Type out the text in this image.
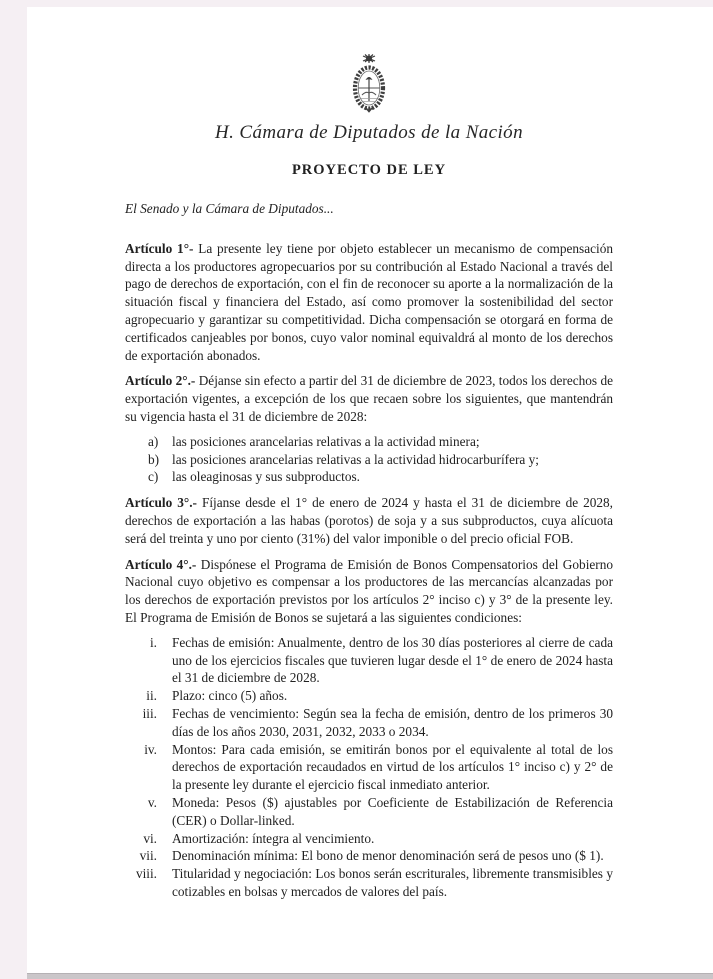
H. Cámara de Diputados de la Nación
PROYECTO DE LEY

El Senado y la Cámara de Diputados...

Artículo 1°- La presente ley tiene por objeto establecer un mecanismo de compensación directa a los productores agropecuarios por su contribución al Estado Nacional a través del pago de derechos de exportación, con el fin de reconocer su aporte a la normalización de la situación fiscal y financiera del Estado, así como promover la sostenibilidad del sector agropecuario y garantizar su competitividad. Dicha compensación se otorgará en forma de certificados canjeables por bonos, cuyo valor nominal equivaldrá al monto de los derechos de exportación abonados.

Artículo 2°.- Déjanse sin efecto a partir del 31 de diciembre de 2023, todos los derechos de exportación vigentes, a excepción de los que recaen sobre los siguientes, que mantendrán su vigencia hasta el 31 de diciembre de 2028:

a)	las posiciones arancelarias relativas a la actividad minera;
b) las posiciones arancelarias relativas a la actividad hidrocarburífera y;
c)	las oleaginosas y sus subproductos.

Artículo 3°.- Fíjanse desde el 1° de enero de 2024 y hasta el 31 de diciembre de 2028, derechos de exportación a las habas (porotos) de soja y a sus subproductos, cuya alícuota será del treinta y uno por ciento (31%) del valor imponible o del precio oficial FOB.

Artículo 4°.- Dispónese el Programa de Emisión de Bonos Compensatorios del Gobierno Nacional cuyo objetivo es compensar a los productores de las mercancías alcanzadas por los derechos de exportación previstos por los artículos 2° inciso c) y 3° de la presente ley. El Programa de Emisión de Bonos se sujetará a las siguientes condiciones:

i.	Fechas de emisión: Anualmente, dentro de los 30 días posteriores al cierre de cada uno de los ejercicios fiscales que tuvieren lugar desde el 1° de enero de 2024 hasta el 31 de diciembre de 2028.
ii.	Plazo: cinco (5) años.
iii.	Fechas de vencimiento: Según sea la fecha de emisión, dentro de los primeros 30 días de los años 2030, 2031, 2032, 2033 o 2034.
iv.	Montos: Para cada emisión, se emitirán bonos por el equivalente al total de los derechos de exportación recaudados en virtud de los artículos 1° inciso c) y 2° de la presente ley durante el ejercicio fiscal inmediato anterior.
v.	Moneda: Pesos ($) ajustables por Coeficiente de Estabilización de Referencia (CER) o Dollar-linked.
vi.	Amortización: íntegra al vencimiento.
vii.	Denominación mínima: El bono de menor denominación será de pesos uno ($ 1).
viii.	Titularidad y negociación: Los bonos serán escriturales, libremente transmisibles y cotizables en bolsas y mercados de valores del país.
